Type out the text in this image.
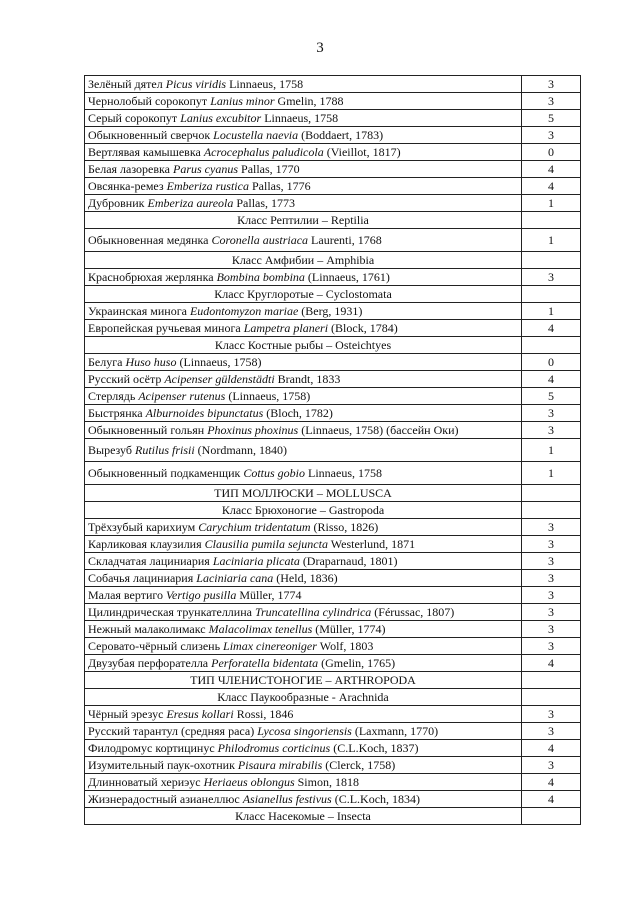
3
Зелёный дятел Picus viridis Linnaeus, 1758	3
Чернолобый сорокопут Lanius minor Gmelin, 1788	3
Серый сорокопут Lanius excubitor Linnaeus, 1758	5
Обыкновенный сверчок Locustella naevia (Boddaert, 1783)	3
Вертлявая камышевка Acrocephalus paludicola (Vieillot, 1817)	0
Белая лазоревка Parus cyanus Pallas, 1770	4
Овсянка-ремез Emberiza rustica Pallas, 1776	4
Дубровник Emberiza aureola Pallas, 1773	1
Класс Рептилии – Reptilia	
Обыкновенная медянка Coronella austriaca Laurenti, 1768	1
Класс Амфибии – Amphibia	
Краснобрюхая жерлянка Bombina bombina (Linnaeus, 1761)	3
Класс Круглоротые – Cyclostomata	
Украинская минога Eudontomyzon mariae (Berg, 1931)	1
Европейская ручьевая минога Lampetra planeri (Block, 1784)	4
Класс Костные рыбы – Osteichtyes	
Белуга Huso huso (Linnaeus, 1758)	0
Русский осётр Acipenser güldenstädti Brandt, 1833	4
Стерлядь Acipenser rutenus (Linnaeus, 1758)	5
Быстрянка Alburnoides bipunctatus (Bloch, 1782)	3
Обыкновенный гольян Phoxinus phoxinus (Linnaeus, 1758) (бассейн Оки)	3
Вырезуб Rutilus frisii (Nordmann, 1840)	1
Обыкновенный подкаменщик Cottus gobio Linnaeus, 1758	1
ТИП МОЛЛЮСКИ – MOLLUSCA	
Класс Брюхоногие – Gastropoda	
Трёхзубый карихиум Carychium tridentatum (Risso, 1826)	3
Карликовая клаузилия Clausilia pumila sejuncta Westerlund, 1871	3
Складчатая лациниария Laciniaria plicata (Draparnaud, 1801)	3
Собачья лациниария Laciniaria cana (Held, 1836)	3
Малая вертиго Vertigo pusilla Müller, 1774	3
Цилиндрическая трункателлина Truncatellina cylindrica (Férussac, 1807)	3
Нежный малаколимакс Malacolimax tenellus (Müller, 1774)	3
Серовато-чёрный слизень Limax cinereoniger Wolf, 1803	3
Двузубая перфорателла Perforatella bidentata (Gmelin, 1765)	4
ТИП ЧЛЕНИСТОНОГИЕ – ARTHROPODA	
Класс Паукообразные - Arachnida	
Чёрный эрезус Eresus kollari Rossi, 1846	3
Русский тарантул (средняя раса) Lycosa singoriensis (Laxmann, 1770)	3
Филодромус кортицинус Philodromus corticinus (C.L.Koch, 1837)	4
Изумительный паук-охотник Pisaura mirabilis (Clerck, 1758)	3
Длинноватый хериэус Heriaeus oblongus Simon, 1818	4
Жизнерадостный азианеллюс Asianellus festivus (C.L.Koch, 1834)	4
Класс Насекомые – Insecta	
